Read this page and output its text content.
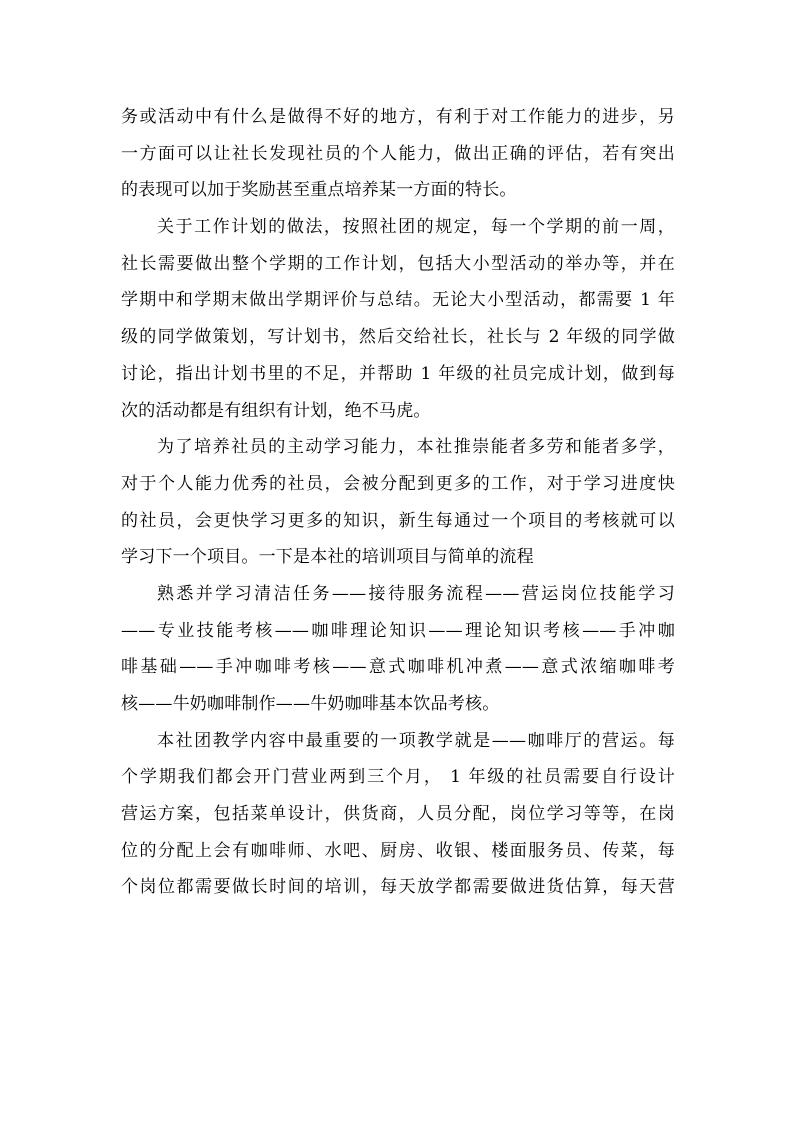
务或活动中有什么是做得不好的地方，有利于对工作能力的进步，另
一方面可以让社长发现社员的个人能力，做出正确的评估，若有突出
的表现可以加于奖励甚至重点培养某一方面的特长。
关于工作计划的做法，按照社团的规定，每一个学期的前一周，
社长需要做出整个学期的工作计划，包括大小型活动的举办等，并在
学期中和学期末做出学期评价与总结。无论大小型活动，都需要 1 年
级的同学做策划，写计划书，然后交给社长，社长与 2 年级的同学做
讨论，指出计划书里的不足，并帮助 1 年级的社员完成计划，做到每
次的活动都是有组织有计划，绝不马虎。
为了培养社员的主动学习能力，本社推崇能者多劳和能者多学，
对于个人能力优秀的社员，会被分配到更多的工作，对于学习进度快
的社员，会更快学习更多的知识，新生每通过一个项目的考核就可以
学习下一个项目。一下是本社的培训项目与简单的流程
熟悉并学习清洁任务——接待服务流程——营运岗位技能学习
——专业技能考核——咖啡理论知识——理论知识考核——手冲咖
啡基础——手冲咖啡考核——意式咖啡机冲煮——意式浓缩咖啡考
核——牛奶咖啡制作——牛奶咖啡基本饮品考核。
本社团教学内容中最重要的一项教学就是——咖啡厅的营运。每
个学期我们都会开门营业两到三个月， 1 年级的社员需要自行设计
营运方案，包括菜单设计，供货商，人员分配，岗位学习等等，在岗
位的分配上会有咖啡师、水吧、厨房、收银、楼面服务员、传菜，每
个岗位都需要做长时间的培训，每天放学都需要做进货估算，每天营
